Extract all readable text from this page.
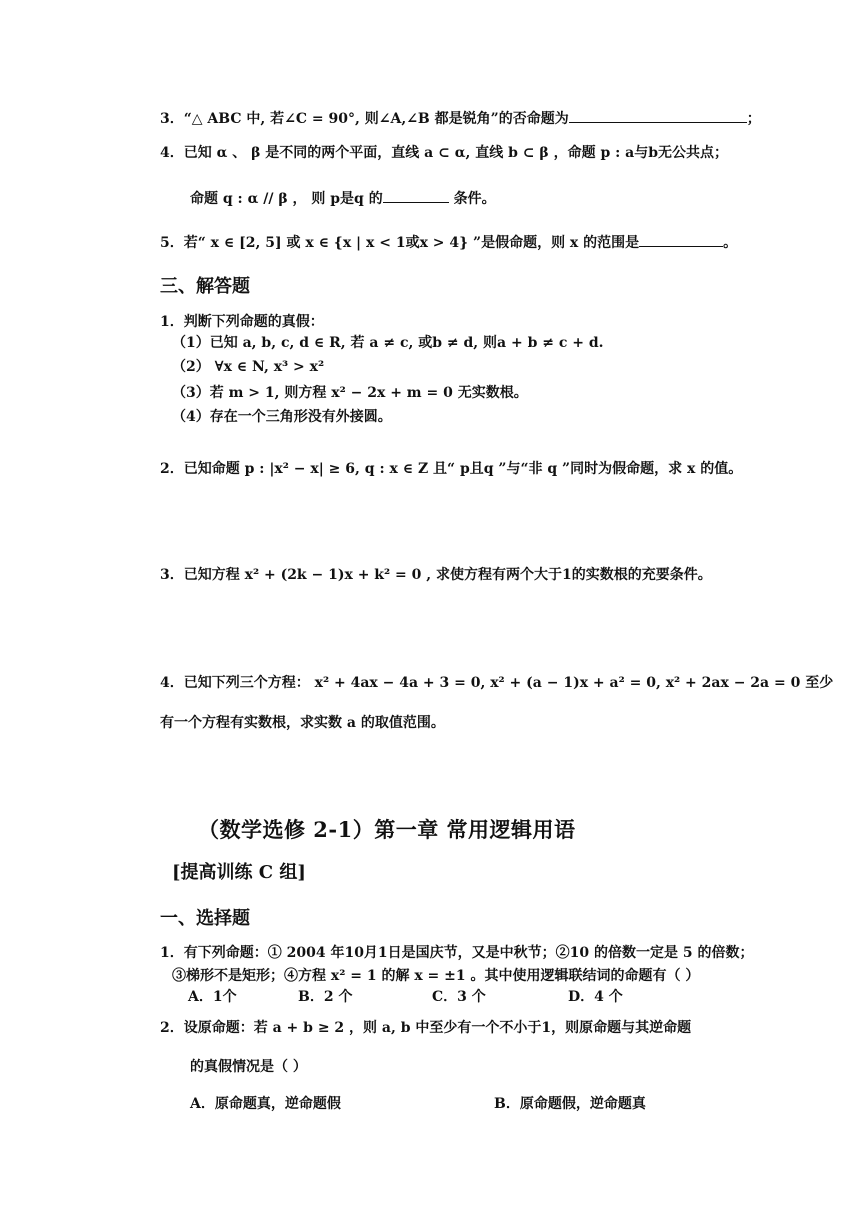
3．“△ ABC 中, 若∠C = 90°, 则∠A,∠B 都是锐角”的否命题为	；
4．已知 α 、 β 是不同的两个平面，直线 a ⊂ α, 直线 b ⊂ β ，命题 p : a与b无公共点；
命题 q : α // β ， 则 p是q 的	条件。
5．若“ x ∈ [2, 5] 或 x ∈ {x | x < 1或x > 4} ”是假命题，则 x 的范围是	。
三、解答题
1．判断下列命题的真假：
（1）已知 a, b, c, d ∈ R, 若 a ≠ c, 或b ≠ d, 则a + b ≠ c + d.
（2） ∀x ∈ N, x³ > x²
（3）若 m > 1, 则方程 x² − 2x + m = 0 无实数根。
（4）存在一个三角形没有外接圆。
2．已知命题 p : |x² − x| ≥ 6, q : x ∈ Z 且“ p且q ”与“非 q ”同时为假命题，求 x 的值。
3．已知方程 x² + (2k − 1)x + k² = 0 , 求使方程有两个大于1的实数根的充要条件。
4．已知下列三个方程： x² + 4ax − 4a + 3 = 0, x² + (a − 1)x + a² = 0, x² + 2ax − 2a = 0 至少
有一个方程有实数根，求实数 a 的取值范围。
（数学选修 2-1）第一章 常用逻辑用语
[提高训练 C 组]
一、选择题
1．有下列命题：① 2004 年10月1日是国庆节，又是中秋节；②10 的倍数一定是 5 的倍数；
③梯形不是矩形；④方程 x² = 1 的解 x = ±1 。其中使用逻辑联结词的命题有（ ）
A．1个	B．2 个	C．3 个	D．4 个
2．设原命题：若 a + b ≥ 2 ，则 a, b 中至少有一个不小于1，则原命题与其逆命题
的真假情况是（ ）
A．原命题真，逆命题假	B．原命题假，逆命题真
